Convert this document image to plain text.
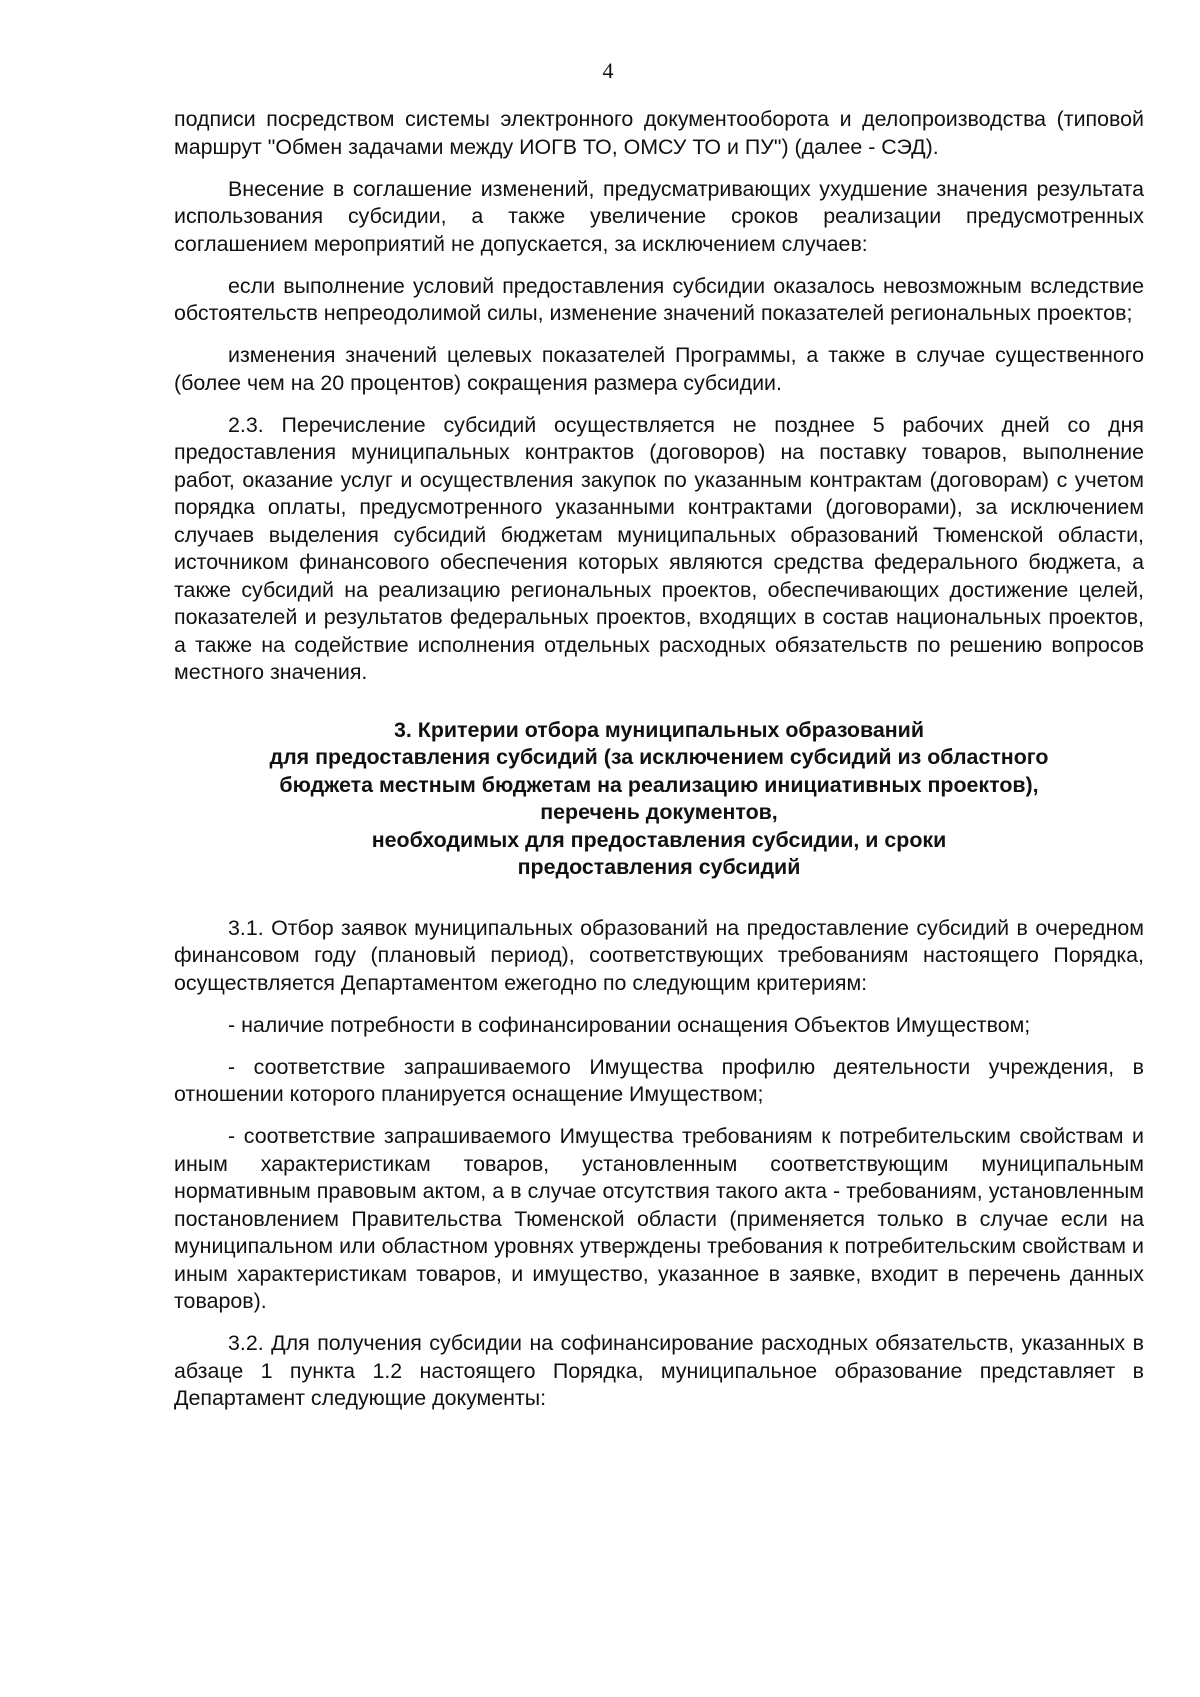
4

подписи посредством системы электронного документооборота и делопроизводства (типовой маршрут "Обмен задачами между ИОГВ ТО, ОМСУ ТО и ПУ") (далее - СЭД).

Внесение в соглашение изменений, предусматривающих ухудшение значения результата использования субсидии, а также увеличение сроков реализации предусмотренных соглашением мероприятий не допускается, за исключением случаев:

если выполнение условий предоставления субсидии оказалось невозможным вследствие обстоятельств непреодолимой силы, изменение значений показателей региональных проектов;

изменения значений целевых показателей Программы, а также в случае существенного (более чем на 20 процентов) сокращения размера субсидии.

2.3. Перечисление субсидий осуществляется не позднее 5 рабочих дней со дня предоставления муниципальных контрактов (договоров) на поставку товаров, выполнение работ, оказание услуг и осуществления закупок по указанным контрактам (договорам) с учетом порядка оплаты, предусмотренного указанными контрактами (договорами), за исключением случаев выделения субсидий бюджетам муниципальных образований Тюменской области, источником финансового обеспечения которых являются средства федерального бюджета, а также субсидий на реализацию региональных проектов, обеспечивающих достижение целей, показателей и результатов федеральных проектов, входящих в состав национальных проектов, а также на содействие исполнения отдельных расходных обязательств по решению вопросов местного значения.

3. Критерии отбора муниципальных образований
для предоставления субсидий (за исключением субсидий из областного
бюджета местным бюджетам на реализацию инициативных проектов),
перечень документов,
необходимых для предоставления субсидии, и сроки
предоставления субсидий

3.1. Отбор заявок муниципальных образований на предоставление субсидий в очередном финансовом году (плановый период), соответствующих требованиям настоящего Порядка, осуществляется Департаментом ежегодно по следующим критериям:

- наличие потребности в софинансировании оснащения Объектов Имуществом;

- соответствие запрашиваемого Имущества профилю деятельности учреждения, в отношении которого планируется оснащение Имуществом;

- соответствие запрашиваемого Имущества требованиям к потребительским свойствам и иным характеристикам товаров, установленным соответствующим муниципальным нормативным правовым актом, а в случае отсутствия такого акта - требованиям, установленным постановлением Правительства Тюменской области (применяется только в случае если на муниципальном или областном уровнях утверждены требования к потребительским свойствам и иным характеристикам товаров, и имущество, указанное в заявке, входит в перечень данных товаров).

3.2. Для получения субсидии на софинансирование расходных обязательств, указанных в абзаце 1 пункта 1.2 настоящего Порядка, муниципальное образование представляет в Департамент следующие документы:
